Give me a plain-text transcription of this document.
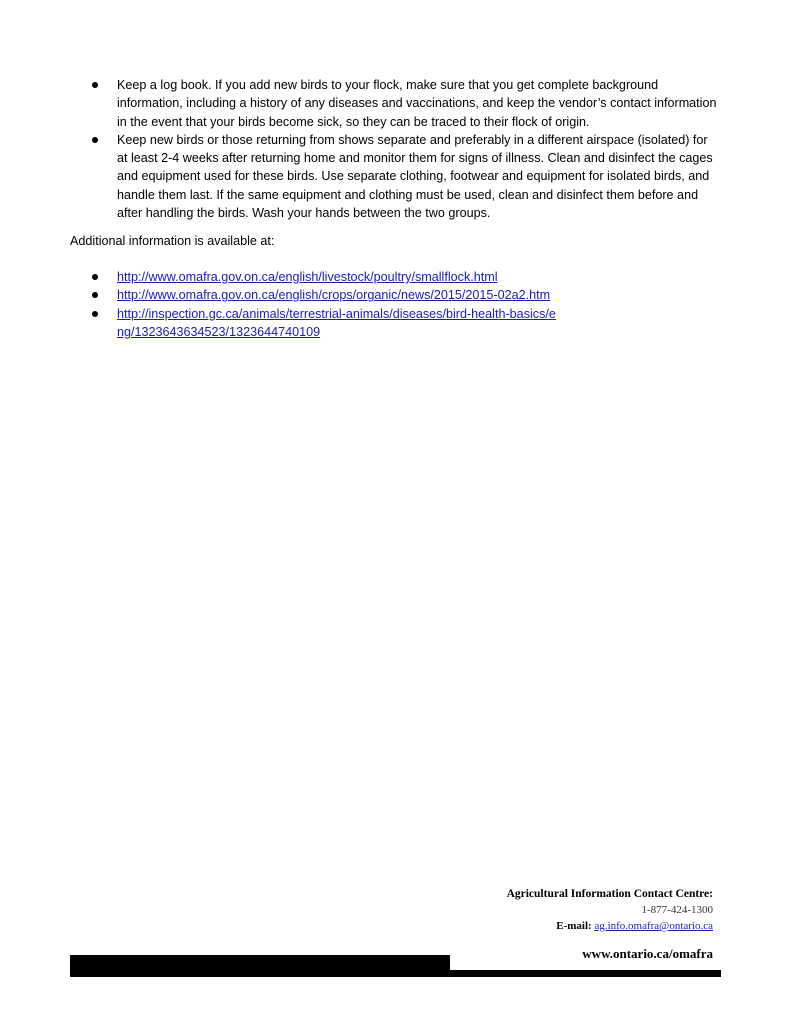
Keep a log book. If you add new birds to your flock, make sure that you get complete background information, including a history of any diseases and vaccinations, and keep the vendor’s contact information in the event that your birds become sick, so they can be traced to their flock of origin.
Keep new birds or those returning from shows separate and preferably in a different airspace (isolated) for at least 2-4 weeks after returning home and monitor them for signs of illness. Clean and disinfect the cages and equipment used for these birds. Use separate clothing, footwear and equipment for isolated birds, and handle them last. If the same equipment and clothing must be used, clean and disinfect them before and after handling the birds. Wash your hands between the two groups.
Additional information is available at:
http://www.omafra.gov.on.ca/english/livestock/poultry/smallflock.html
http://www.omafra.gov.on.ca/english/crops/organic/news/2015/2015-02a2.htm
http://inspection.gc.ca/animals/terrestrial-animals/diseases/bird-health-basics/eng/1323643634523/1323644740109
Agricultural Information Contact Centre:
1-877-424-1300
E-mail: ag.info.omafra@ontario.ca
www.ontario.ca/omafra
